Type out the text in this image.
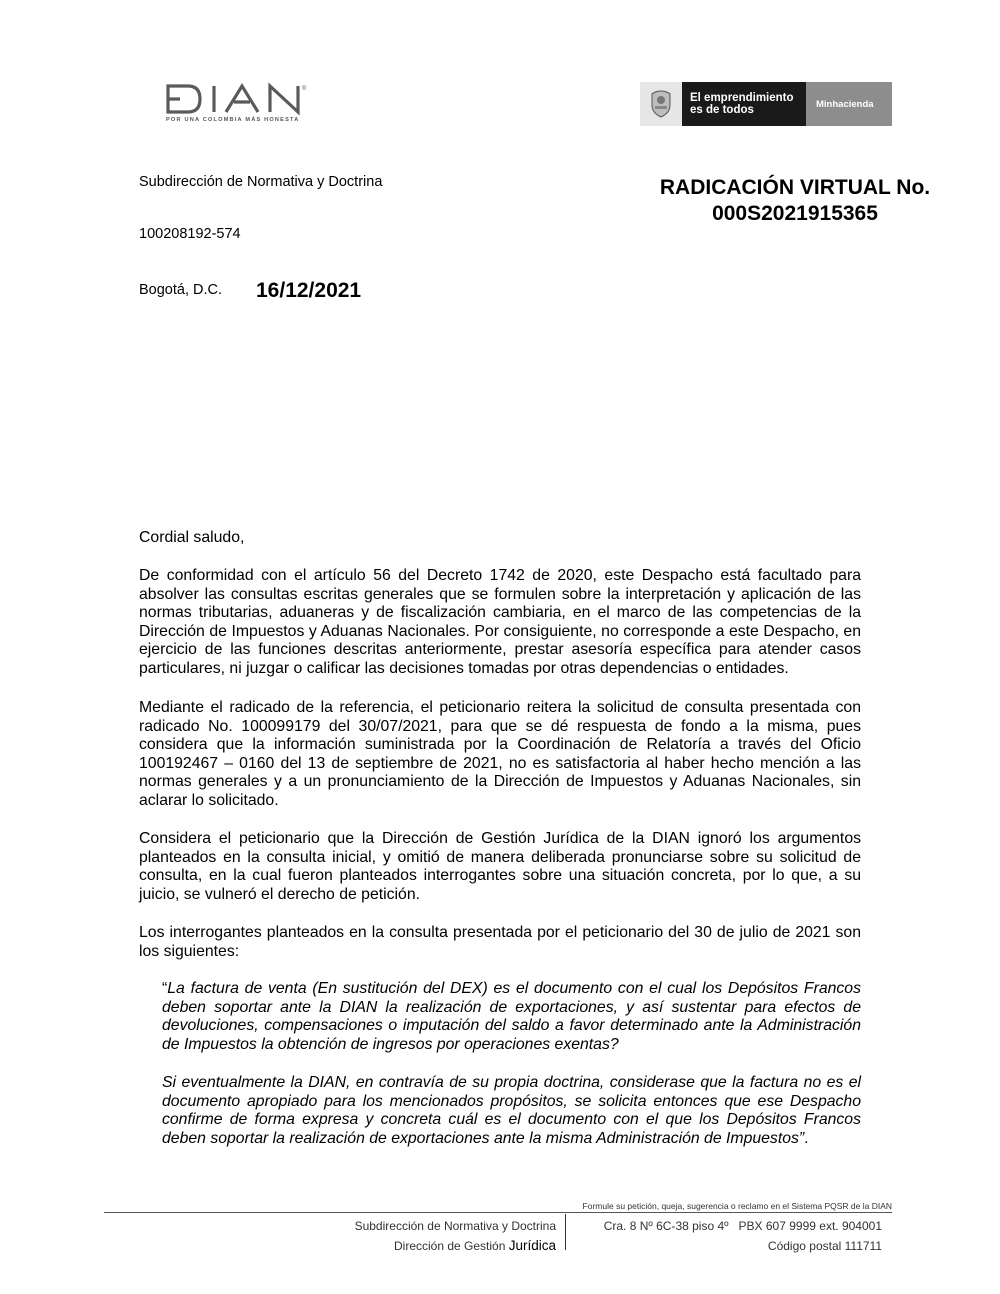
®
POR UNA COLOMBIA MÁS HONESTA
El emprendimiento
es de todos	Minhacienda
Subdirección de Normativa y Doctrina
100208192-574
Bogotá, D.C. 16/12/2021
RADICACIÓN VIRTUAL No.
000S2021915365
Cordial saludo,
De conformidad con el artículo 56 del Decreto 1742 de 2020, este Despacho está facultado para absolver las consultas escritas generales que se formulen sobre la interpretación y aplicación de las normas tributarias, aduaneras y de fiscalización cambiaria, en el marco de las competencias de la Dirección de Impuestos y Aduanas Nacionales. Por consiguiente, no corresponde a este Despacho, en ejercicio de las funciones descritas anteriormente, prestar asesoría específica para atender casos particulares, ni juzgar o calificar las decisiones tomadas por otras dependencias o entidades.
Mediante el radicado de la referencia, el peticionario reitera la solicitud de consulta presentada con radicado No. 100099179 del 30/07/2021, para que se dé respuesta de fondo a la misma, pues considera que la información suministrada por la Coordinación de Relatoría a través del Oficio 100192467 – 0160 del 13 de septiembre de 2021, no es satisfactoria al haber hecho mención a las normas generales y a un pronunciamiento de la Dirección de Impuestos y Aduanas Nacionales, sin aclarar lo solicitado.
Considera el peticionario que la Dirección de Gestión Jurídica de la DIAN ignoró los argumentos planteados en la consulta inicial, y omitió de manera deliberada pronunciarse sobre su solicitud de consulta, en la cual fueron planteados interrogantes sobre una situación concreta, por lo que, a su juicio, se vulneró el derecho de petición.
Los interrogantes planteados en la consulta presentada por el peticionario del 30 de julio de 2021 son los siguientes:
“La factura de venta (En sustitución del DEX) es el documento con el cual los Depósitos Francos deben soportar ante la DIAN la realización de exportaciones, y así sustentar para efectos de devoluciones, compensaciones o imputación del saldo a favor determinado ante la Administración de Impuestos la obtención de ingresos por operaciones exentas?
Si eventualmente la DIAN, en contravía de su propia doctrina, considerase que la factura no es el documento apropiado para los mencionados propósitos, se solicita entonces que ese Despacho confirme de forma expresa y concreta cuál es el documento con el que los Depósitos Francos deben soportar la realización de exportaciones ante la misma Administración de Impuestos”.
Formule su petición, queja, sugerencia o reclamo en el Sistema PQSR de la DIAN
Subdirección de Normativa y Doctrina
Dirección de Gestión Jurídica
Cra. 8 Nº 6C-38 piso 4º   PBX 607 9999 ext. 904001
Código postal 111711
